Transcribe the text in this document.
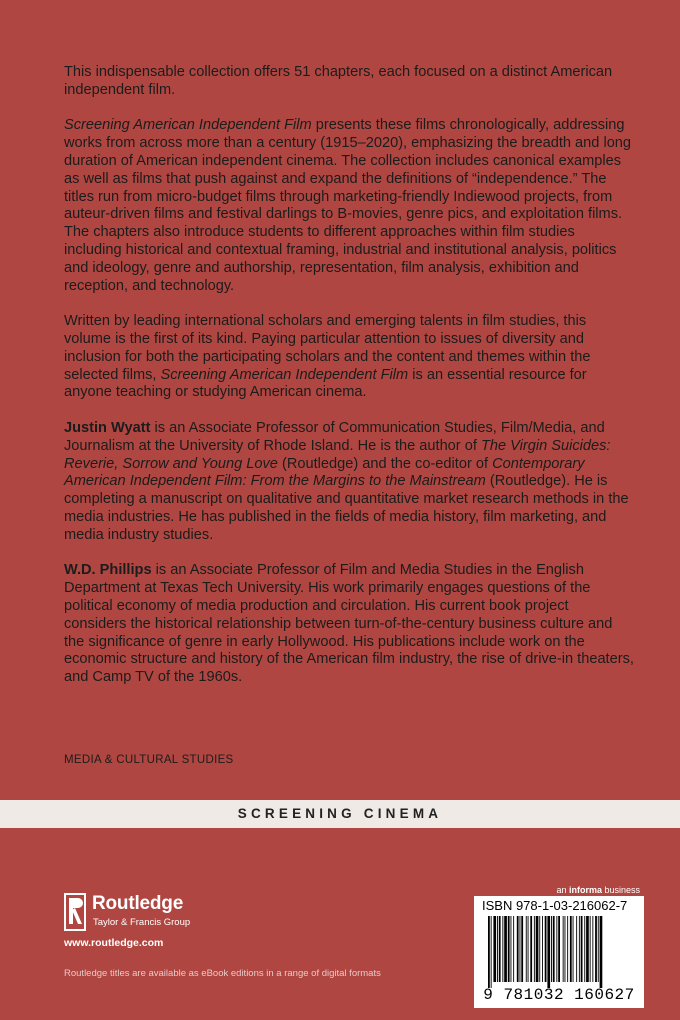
This indispensable collection offers 51 chapters, each focused on a distinct American independent film.

Screening American Independent Film presents these films chronologically, addressing works from across more than a century (1915–2020), emphasizing the breadth and long duration of American independent cinema. The collection includes canonical examples as well as films that push against and expand the definitions of “independence.” The titles run from micro-budget films through marketing-friendly Indiewood projects, from auteur-driven films and festival darlings to B-movies, genre pics, and exploitation films. The chapters also introduce students to different approaches within film studies including historical and contextual framing, industrial and institutional analysis, politics and ideology, genre and authorship, representation, film analysis, exhibition and reception, and technology.

Written by leading international scholars and emerging talents in film studies, this volume is the first of its kind. Paying particular attention to issues of diversity and inclusion for both the participating scholars and the content and themes within the selected films, Screening American Independent Film is an essential resource for anyone teaching or studying American cinema.

Justin Wyatt is an Associate Professor of Communication Studies, Film/Media, and Journalism at the University of Rhode Island. He is the author of The Virgin Suicides: Reverie, Sorrow and Young Love (Routledge) and the co-editor of Contemporary American Independent Film: From the Margins to the Mainstream (Routledge). He is completing a manuscript on qualitative and quantitative market research methods in the media industries. He has published in the fields of media history, film marketing, and media industry studies.

W.D. Phillips is an Associate Professor of Film and Media Studies in the English Department at Texas Tech University. His work primarily engages questions of the political economy of media production and circulation. His current book project considers the historical relationship between turn-of-the-century business culture and the significance of genre in early Hollywood. His publications include work on the economic structure and history of the American film industry, the rise of drive-in theaters, and Camp TV of the 1960s.

MEDIA & CULTURAL STUDIES
SCREENING CINEMA
Routledge
Taylor & Francis Group
www.routledge.com
Routledge titles are available as eBook editions in a range of digital formats
an informa business
ISBN 978-1-03-216062-7
9 781032 160627
